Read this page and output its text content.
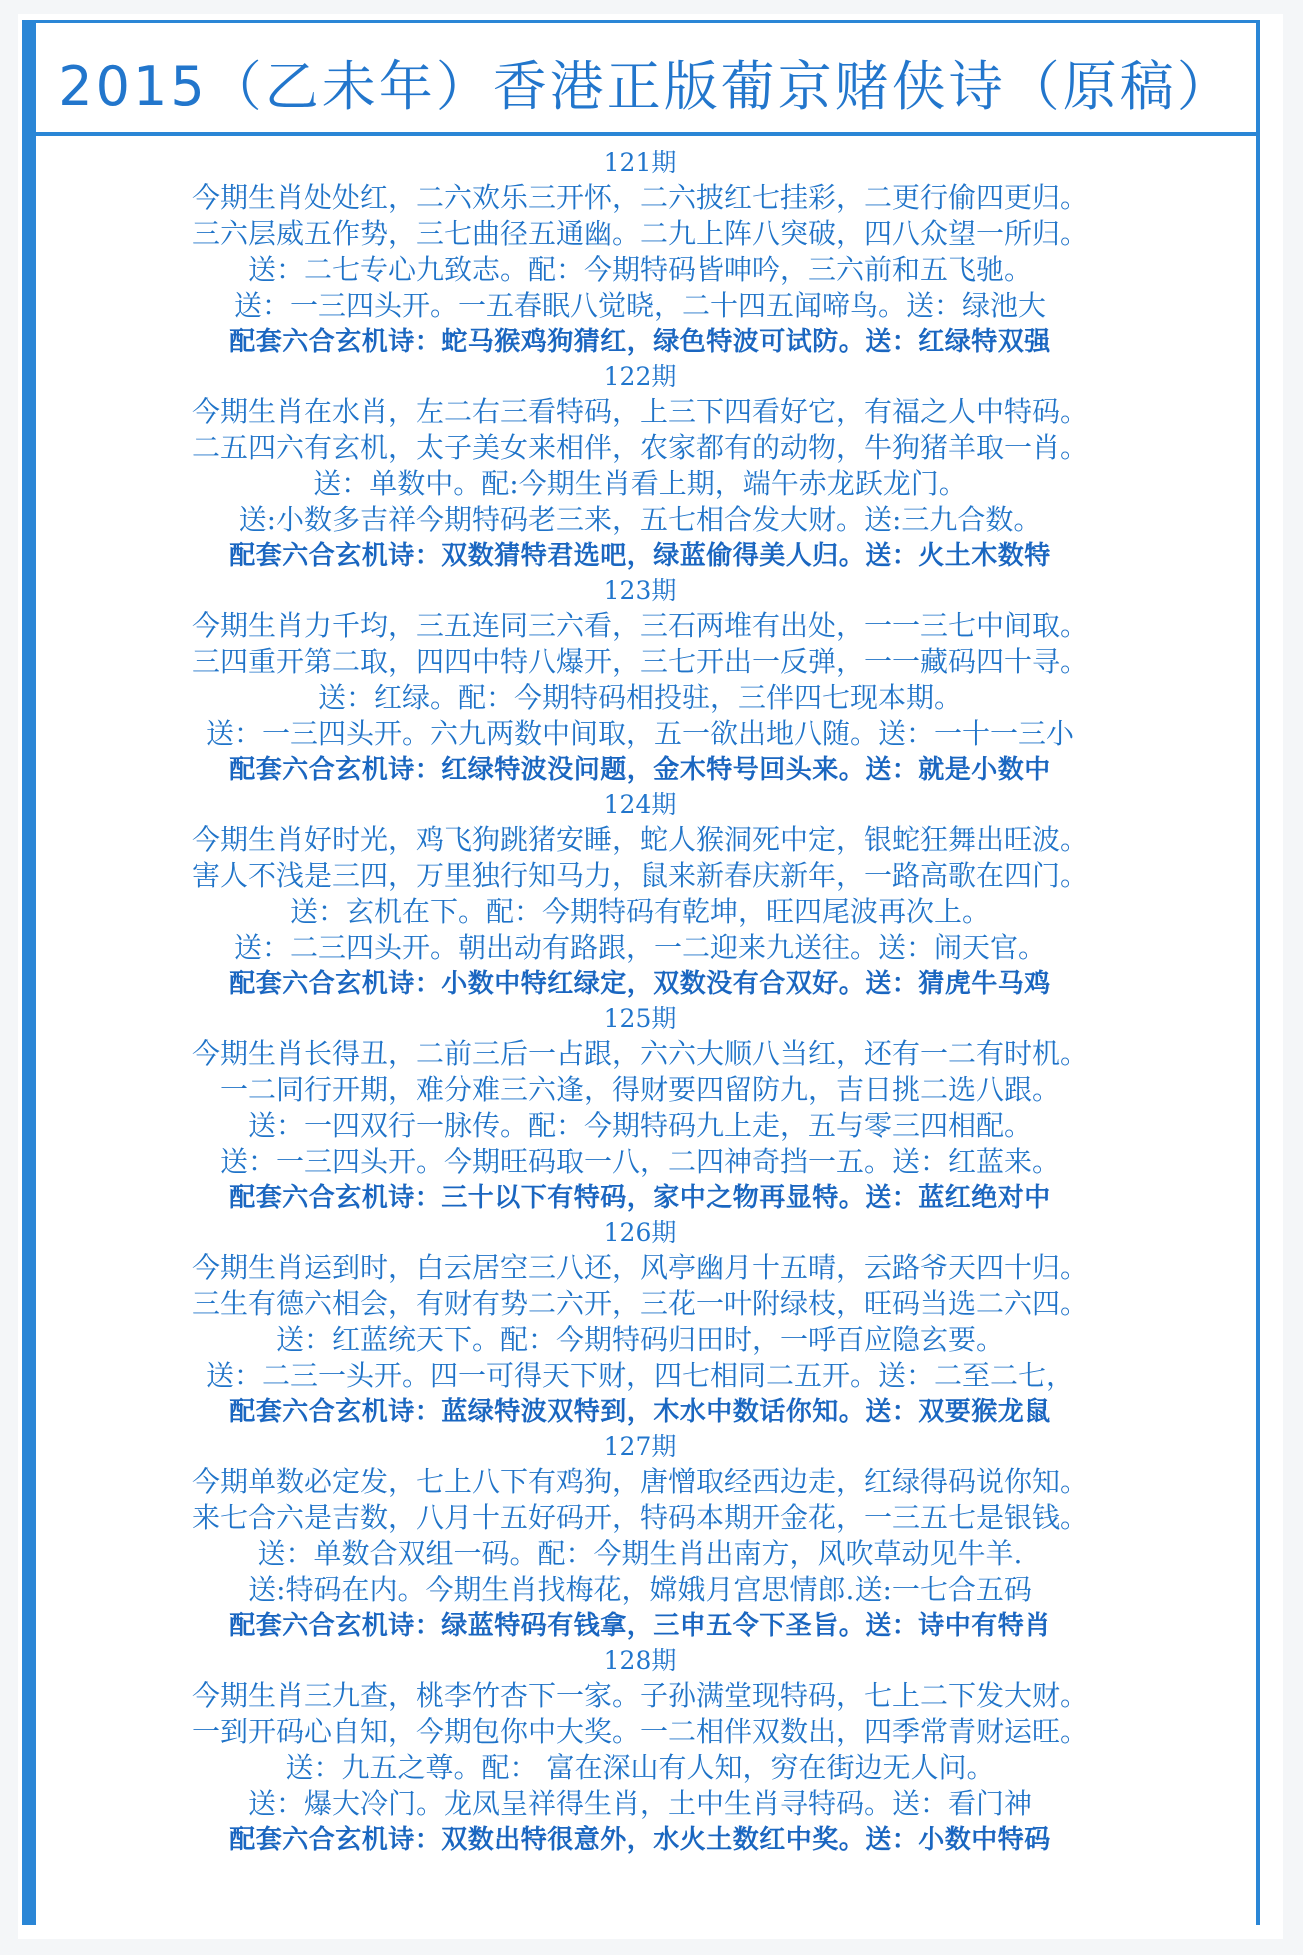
2015（乙未年）香港正版葡京赌侠诗（原稿）
121期
今期生肖处处红，二六欢乐三开怀，二六披红七挂彩，二更行偷四更归。
三六层威五作势，三七曲径五通幽。二九上阵八突破，四八众望一所归。
送：二七专心九致志。配：今期特码皆呻吟，三六前和五飞驰。
送：一三四头开。一五春眠八觉晓，二十四五闻啼鸟。送：绿池大
配套六合玄机诗：蛇马猴鸡狗猜红，绿色特波可试防。送：红绿特双强
122期
今期生肖在水肖，左二右三看特码，上三下四看好它，有福之人中特码。
二五四六有玄机，太子美女来相伴，农家都有的动物，牛狗猪羊取一肖。
送：单数中。配:今期生肖看上期，端午赤龙跃龙门。
送:小数多吉祥今期特码老三来，五七相合发大财。送:三九合数。
配套六合玄机诗：双数猜特君选吧，绿蓝偷得美人归。送：火土木数特
123期
今期生肖力千均，三五连同三六看，三石两堆有出处，一一三七中间取。
三四重开第二取，四四中特八爆开，三七开出一反弹，一一藏码四十寻。
送：红绿。配：今期特码相投驻，三伴四七现本期。
送：一三四头开。六九两数中间取，五一欲出地八随。送：一十一三小
配套六合玄机诗：红绿特波没问题，金木特号回头来。送：就是小数中
124期
今期生肖好时光，鸡飞狗跳猪安睡，蛇人猴洞死中定，银蛇狂舞出旺波。
害人不浅是三四，万里独行知马力，鼠来新春庆新年，一路高歌在四门。
送：玄机在下。配：今期特码有乾坤，旺四尾波再次上。
送：二三四头开。朝出动有路跟，一二迎来九送往。送：闹天官。
配套六合玄机诗：小数中特红绿定，双数没有合双好。送：猜虎牛马鸡
125期
今期生肖长得丑，二前三后一占跟，六六大顺八当红，还有一二有时机。
一二同行开期，难分难三六逢，得财要四留防九，吉日挑二选八跟。
送：一四双行一脉传。配：今期特码九上走，五与零三四相配。
送：一三四头开。今期旺码取一八，二四神奇挡一五。送：红蓝来。
配套六合玄机诗：三十以下有特码，家中之物再显特。送：蓝红绝对中
126期
今期生肖运到时，白云居空三八还，风亭幽月十五晴，云路爷天四十归。
三生有德六相会，有财有势二六开，三花一叶附绿枝，旺码当选二六四。
送：红蓝统天下。配：今期特码归田时，一呼百应隐玄要。
送：二三一头开。四一可得天下财，四七相同二五开。送：二至二七，
配套六合玄机诗：蓝绿特波双特到，木水中数话你知。送：双要猴龙鼠
127期
今期单数必定发，七上八下有鸡狗，唐憎取经西边走，红绿得码说你知。
来七合六是吉数，八月十五好码开，特码本期开金花，一三五七是银钱。
送：单数合双组一码。配：今期生肖出南方，风吹草动见牛羊.
送:特码在内。今期生肖找梅花，嫦娥月宫思情郎.送:一七合五码
配套六合玄机诗：绿蓝特码有钱拿，三申五令下圣旨。送：诗中有特肖
128期
今期生肖三九查，桃李竹杏下一家。子孙满堂现特码，七上二下发大财。
一到开码心自知，今期包你中大奖。一二相伴双数出，四季常青财运旺。
送：九五之尊。配： 富在深山有人知，穷在街边无人问。
送：爆大冷门。龙凤呈祥得生肖，土中生肖寻特码。送：看门神
配套六合玄机诗：双数出特很意外，水火土数红中奖。送：小数中特码
